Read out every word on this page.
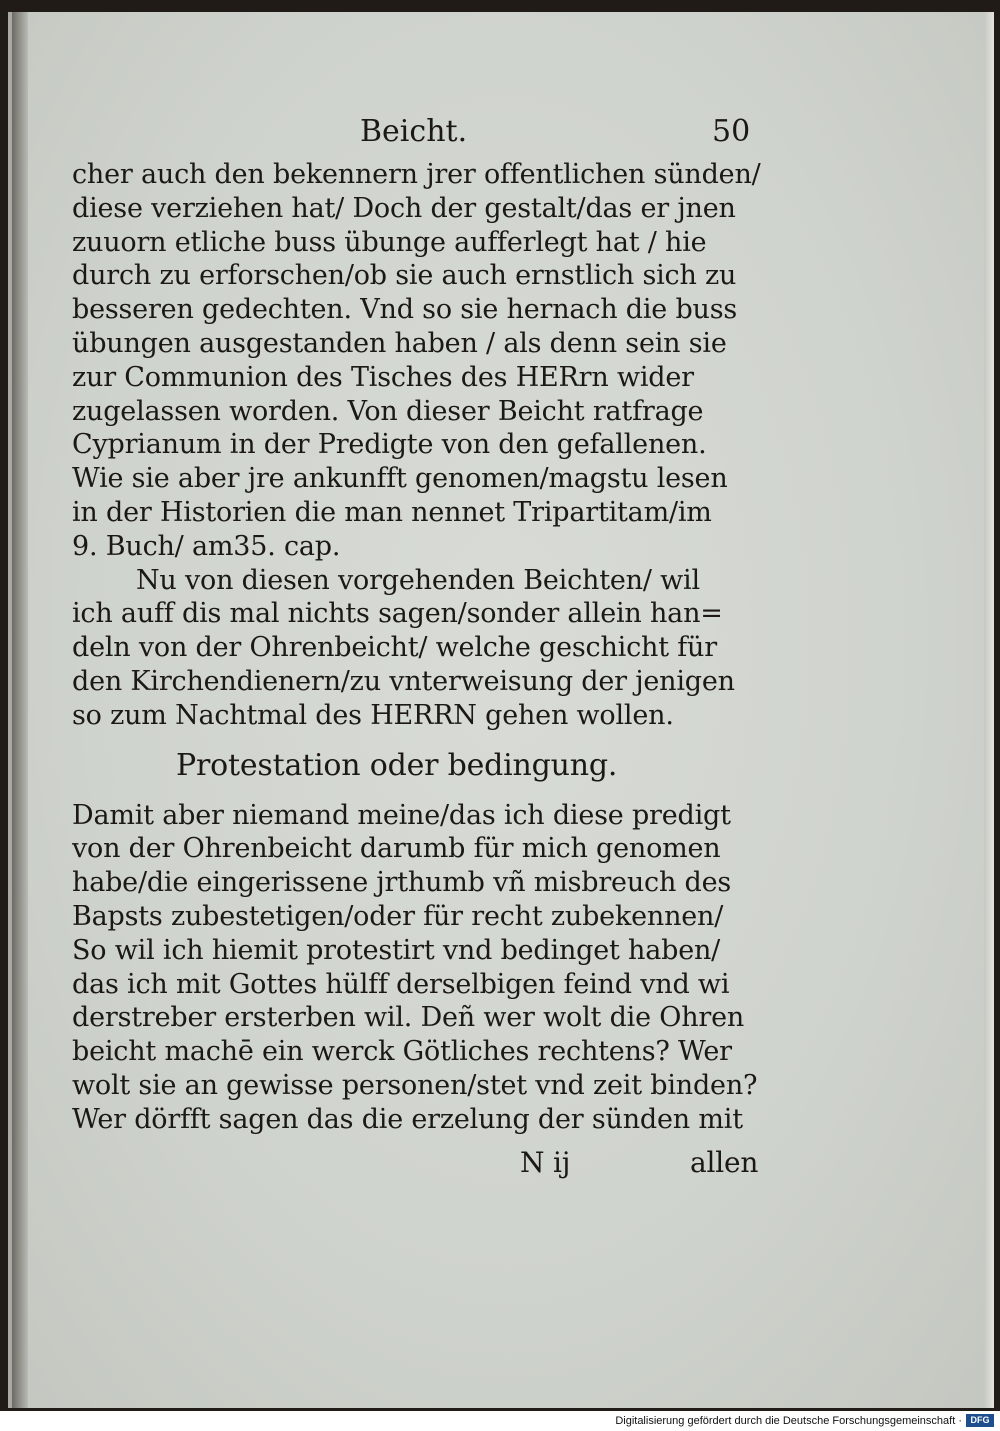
Beicht.	50
cher auch den bekennern jrer offentlichen sünden/
diese verziehen hat/ Doch der gestalt/das er jnen
zuuorn etliche buss übunge aufferlegt hat / hie
durch zu erforschen/ob sie auch ernstlich sich zu
besseren gedechten. Vnd so sie hernach die buss
übungen ausgestanden haben / als denn sein sie
zur Communion des Tisches des HERrn wider
zugelassen worden. Von dieser Beicht ratfrage
Cyprianum in der Predigte von den gefallenen.
Wie sie aber jre ankunfft genomen/magstu lesen
in der Historien die man nennet Tripartitam/im
9. Buch/ am35. cap.
Nu von diesen vorgehenden Beichten/ wil
ich auff dis mal nichts sagen/sonder allein han=
deln von der Ohrenbeicht/ welche geschicht für
den Kirchendienern/zu vnterweisung der jenigen
so zum Nachtmal des HERRN gehen wollen.
Protestation oder bedingung.
Damit aber niemand meine/das ich diese predigt
von der Ohrenbeicht darumb für mich genomen
habe/die eingerissene jrthumb vñ misbreuch des
Bapsts zubestetigen/oder für recht zubekennen/
So wil ich hiemit protestirt vnd bedinget haben/
das ich mit Gottes hülff derselbigen feind vnd wi
derstreber ersterben wil. Deñ wer wolt die Ohren
beicht machē ein werck Götliches rechtens? Wer
wolt sie an gewisse personen/stet vnd zeit binden?
Wer dörfft sagen das die erzelung der sünden mit
N ij	allen
Digitalisierung gefördert durch die Deutsche Forschungsgemeinschaft · DFG
